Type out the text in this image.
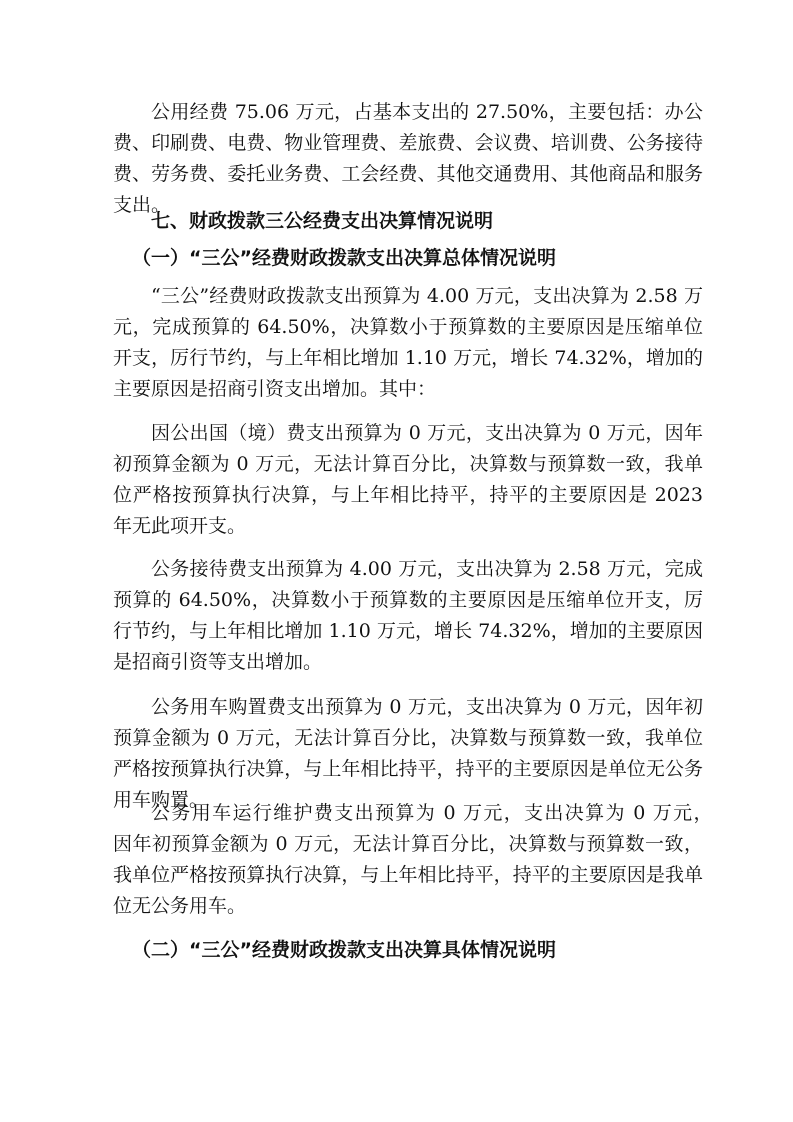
公用经费 75.06 万元，占基本支出的 27.50%，主要包括：办公费、印刷费、电费、物业管理费、差旅费、会议费、培训费、公务接待费、劳务费、委托业务费、工会经费、其他交通费用、其他商品和服务支出。

七、财政拨款三公经费支出决算情况说明
（一）“三公”经费财政拨款支出决算总体情况说明

“三公”经费财政拨款支出预算为 4.00 万元，支出决算为 2.58 万元，完成预算的 64.50%，决算数小于预算数的主要原因是压缩单位开支，厉行节约，与上年相比增加 1.10 万元，增长 74.32%，增加的主要原因是招商引资支出增加。其中：

因公出国（境）费支出预算为 0 万元，支出决算为 0 万元，因年初预算金额为 0 万元，无法计算百分比，决算数与预算数一致，我单位严格按预算执行决算，与上年相比持平，持平的主要原因是 2023 年无此项开支。

公务接待费支出预算为 4.00 万元，支出决算为 2.58 万元，完成预算的 64.50%，决算数小于预算数的主要原因是压缩单位开支，厉行节约，与上年相比增加 1.10 万元，增长 74.32%，增加的主要原因是招商引资等支出增加。

公务用车购置费支出预算为 0 万元，支出决算为 0 万元，因年初预算金额为 0 万元，无法计算百分比，决算数与预算数一致，我单位严格按预算执行决算，与上年相比持平，持平的主要原因是单位无公务用车购置。

公务用车运行维护费支出预算为 0 万元，支出决算为 0 万元，　　因年初预算金额为 0 万元，无法计算百分比，决算数与预算数一致，我单位严格按预算执行决算，与上年相比持平，持平的主要原因是我单位无公务用车。

（二）“三公”经费财政拨款支出决算具体情况说明
